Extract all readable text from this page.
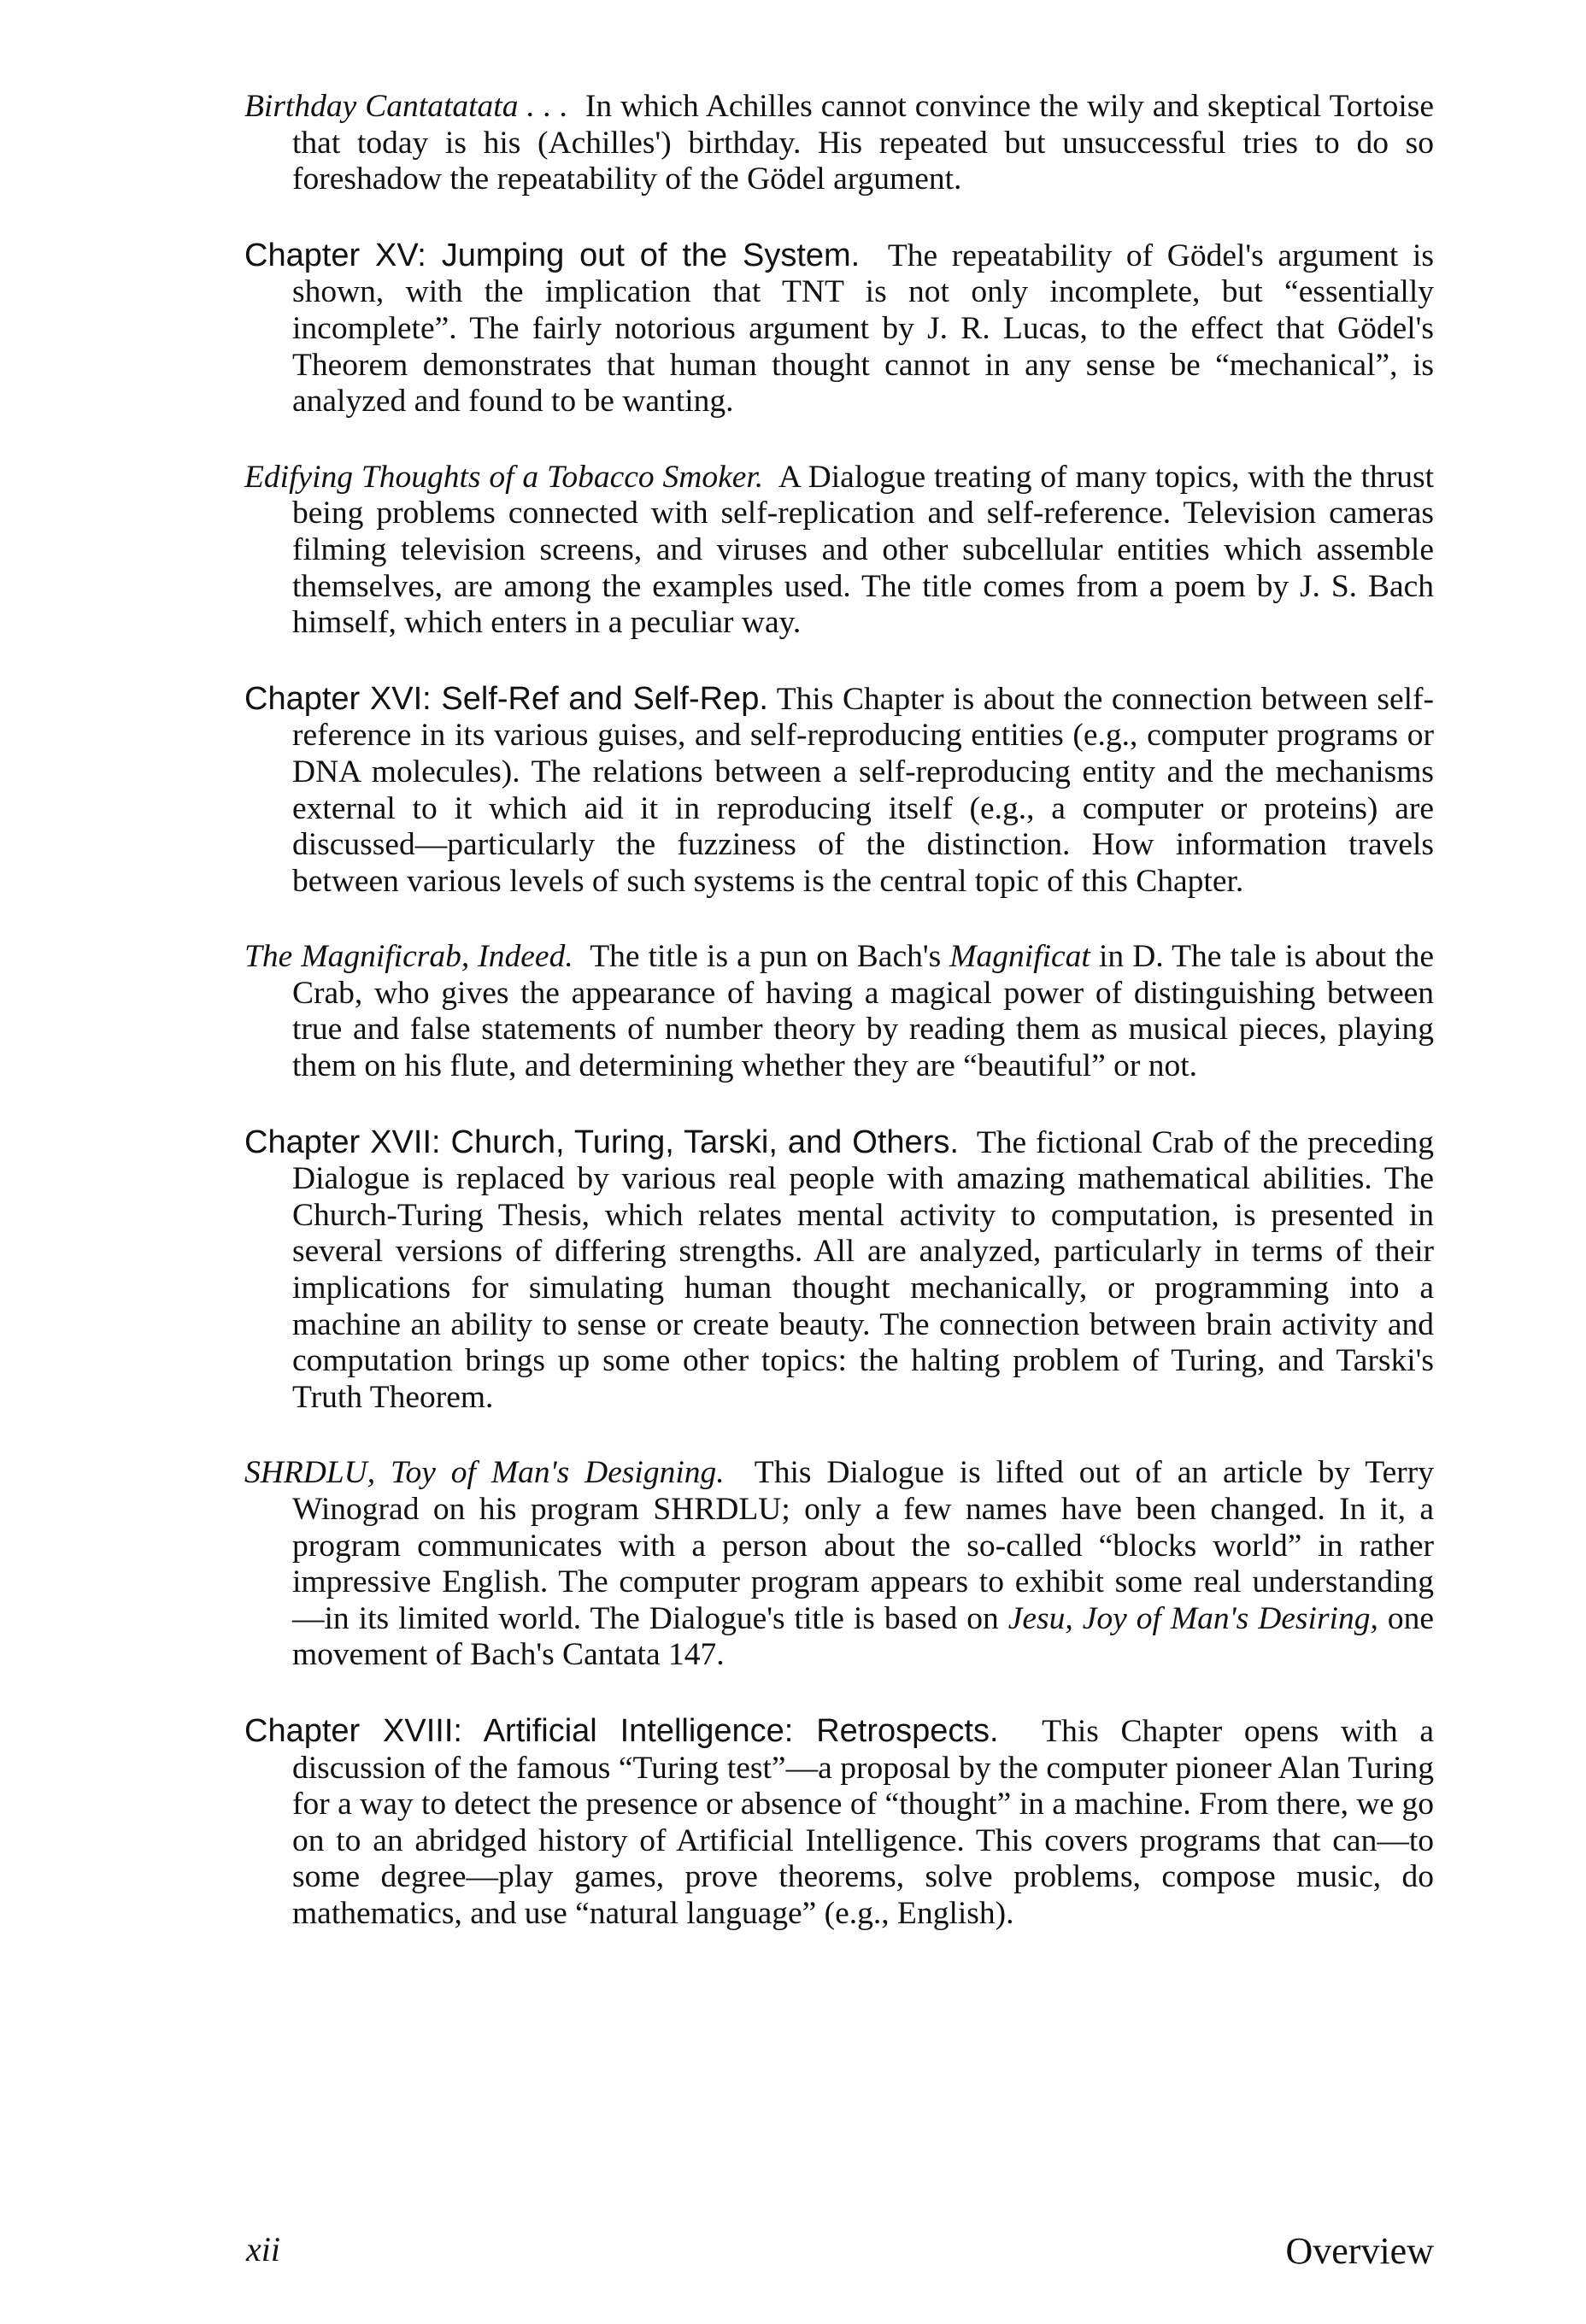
Birthday Cantatatata . . . In which Achilles cannot convince the wily and skeptical Tortoise that today is his (Achilles') birthday. His repeated but unsuccessful tries to do so foreshadow the repeatability of the Gödel argument.

Chapter XV: Jumping out of the System. The repeatability of Gödel's argument is shown, with the implication that TNT is not only incomplete, but “essentially incomplete”. The fairly notorious argument by J. R. Lucas, to the effect that Gödel's Theorem demonstrates that human thought cannot in any sense be “mechanical”, is analyzed and found to be wanting.

Edifying Thoughts of a Tobacco Smoker. A Dialogue treating of many topics, with the thrust being problems connected with self-replication and self-reference. Television cameras filming television screens, and viruses and other subcellular entities which assemble themselves, are among the examples used. The title comes from a poem by J. S. Bach himself, which enters in a peculiar way.

Chapter XVI: Self-Ref and Self-Rep. This Chapter is about the connection between self-reference in its various guises, and self-reproducing entities (e.g., computer programs or DNA molecules). The relations between a self-reproducing entity and the mechanisms external to it which aid it in reproducing itself (e.g., a computer or proteins) are discussed—particularly the fuzziness of the distinction. How information travels between various levels of such systems is the central topic of this Chapter.

The Magnificrab, Indeed. The title is a pun on Bach's Magnificat in D. The tale is about the Crab, who gives the appearance of having a magical power of distinguishing between true and false statements of number theory by reading them as musical pieces, playing them on his flute, and determining whether they are “beautiful” or not.

Chapter XVII: Church, Turing, Tarski, and Others. The fictional Crab of the preceding Dialogue is replaced by various real people with amazing mathematical abilities. The Church-Turing Thesis, which relates mental activity to computation, is presented in several versions of differing strengths. All are analyzed, particularly in terms of their implications for simulating human thought mechanically, or programming into a machine an ability to sense or create beauty. The connection between brain activity and computation brings up some other topics: the halting problem of Turing, and Tarski's Truth Theorem.

SHRDLU, Toy of Man's Designing. This Dialogue is lifted out of an article by Terry Winograd on his program SHRDLU; only a few names have been changed. In it, a program communicates with a person about the so-called “blocks world” in rather impressive English. The computer program appears to exhibit some real understanding—in its limited world. The Dialogue's title is based on Jesu, Joy of Man's Desiring, one movement of Bach's Cantata 147.

Chapter XVIII: Artificial Intelligence: Retrospects. This Chapter opens with a discussion of the famous “Turing test”—a proposal by the computer pioneer Alan Turing for a way to detect the presence or absence of “thought” in a machine. From there, we go on to an abridged history of Artificial Intelligence. This covers programs that can—to some degree—play games, prove theorems, solve problems, compose music, do mathematics, and use “natural language” (e.g., English).

xii	Overview
